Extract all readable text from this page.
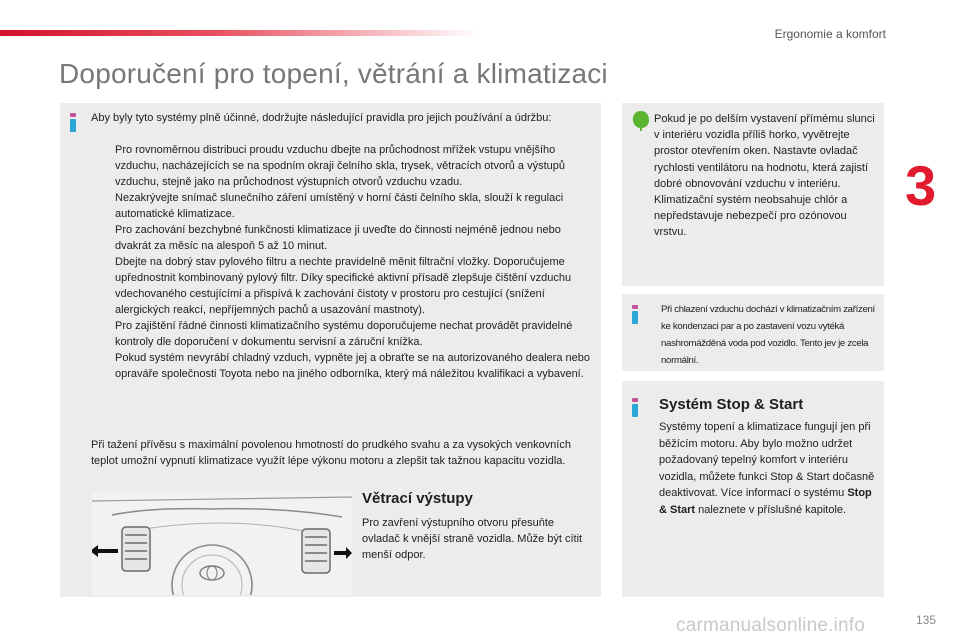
Ergonomie a komfort
3
Doporučení pro topení, větrání a klimatizaci
Aby byly tyto systémy plně účinné, dodržujte následující pravidla pro jejich používání a údržbu:
Pro rovnoměrnou distribuci proudu vzduchu dbejte na průchodnost mřížek vstupu vnějšího vzduchu, nacházejících se na spodním okraji čelního skla, trysek, větracích otvorů a výstupů vzduchu, stejně jako na průchodnost výstupních otvorů vzduchu vzadu.
Nezakrývejte snímač slunečního záření umístěný v horní části čelního skla, slouží k regulaci automatické klimatizace.
Pro zachování bezchybné funkčnosti klimatizace ji uveďte do činnosti nejméně jednou nebo dvakrát za měsíc na alespoň 5 až 10 minut.
Dbejte na dobrý stav pylového filtru a nechte pravidelně měnit filtrační vložky. Doporučujeme upřednostnit kombinovaný pylový filtr. Díky specifické aktivní přísadě zlepšuje čištění vzduchu vdechovaného cestujícími a přispívá k zachování čistoty v prostoru pro cestující (snížení alergických reakcí, nepříjemných pachů a usazování mastnoty).
Pro zajištění řádné činnosti klimatizačního systému doporučujeme nechat provádět pravidelné kontroly dle doporučení v dokumentu servisní a záruční knížka.
Pokud systém nevyrábí chladný vzduch, vypněte jej a obraťte se na autorizovaného dealera nebo opraváře společnosti Toyota nebo na jiného odborníka, který má náležitou kvalifikaci a vybavení.
Při tažení přívěsu s maximální povolenou hmotností do prudkého svahu a za vysokých venkovních teplot umožní vypnutí klimatizace využít lépe výkonu motoru a zlepšit tak tažnou kapacitu vozidla.
Větrací výstupy
Pro zavření výstupního otvoru přesuňte ovladač k vnější straně vozidla. Může být cítit menší odpor.
Pokud je po delším vystavení přímému slunci v interiéru vozidla příliš horko, vyvětrejte prostor otevřením oken. Nastavte ovladač rychlosti ventilátoru na hodnotu, která zajistí dobré obnovování vzduchu v interiéru. Klimatizační systém neobsahuje chlór a nepředstavuje nebezpečí pro ozónovou vrstvu.
Při chlazení vzduchu dochází v klimatizačním zařízení ke kondenzaci par a po zastavení vozu vytéká nashromážděná voda pod vozidlo. Tento jev je zcela normální.
Systém Stop & Start
Systémy topení a klimatizace fungují jen při běžícím motoru. Aby bylo možno udržet požadovaný tepelný komfort v interiéru vozidla, můžete funkci Stop & Start dočasně deaktivovat. Více informací o systému Stop & Start naleznete v příslušné kapitole.
carmanualsonline.info	135
